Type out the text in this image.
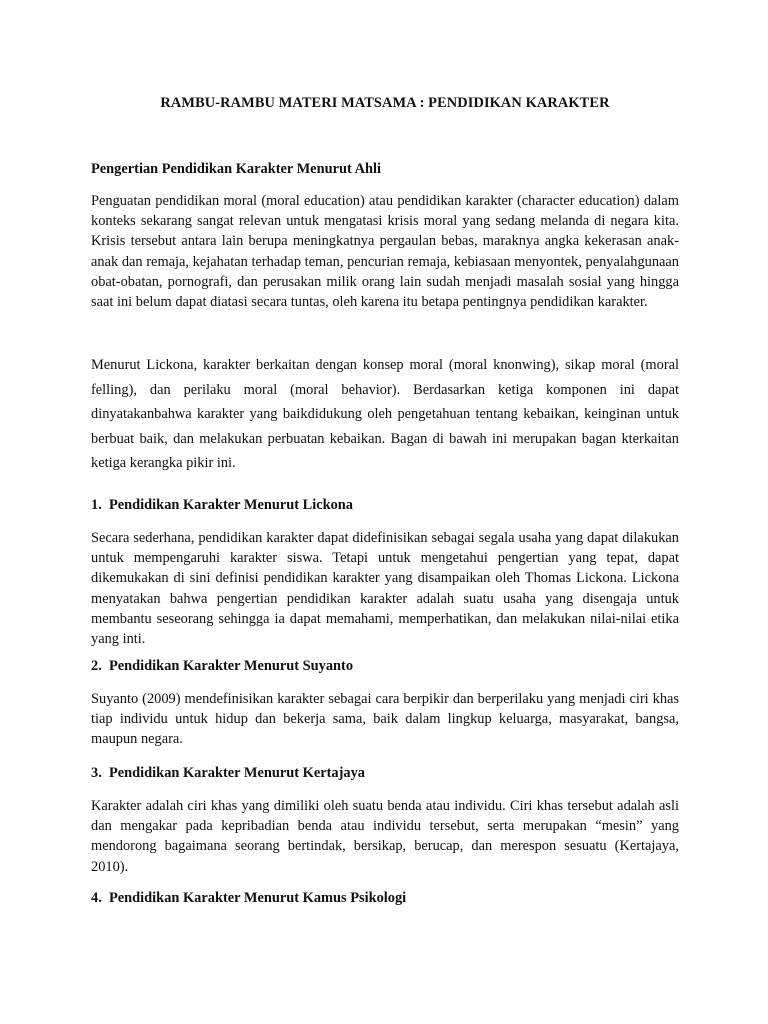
RAMBU-RAMBU MATERI MATSAMA : PENDIDIKAN KARAKTER
Pengertian Pendidikan Karakter Menurut Ahli
Penguatan pendidikan moral (moral education) atau pendidikan karakter (character education) dalam konteks sekarang sangat relevan untuk mengatasi krisis moral yang sedang melanda di negara kita. Krisis tersebut antara lain berupa meningkatnya pergaulan bebas, maraknya angka kekerasan anak-anak dan remaja, kejahatan terhadap teman, pencurian remaja, kebiasaan menyontek, penyalahgunaan obat-obatan, pornografi, dan perusakan milik orang lain sudah menjadi masalah sosial yang hingga saat ini belum dapat diatasi secara tuntas, oleh karena itu betapa pentingnya pendidikan karakter.
Menurut Lickona, karakter berkaitan dengan konsep moral (moral knonwing), sikap moral (moral felling), dan perilaku moral (moral behavior). Berdasarkan ketiga komponen ini dapat dinyatakanbahwa karakter yang baikdidukung oleh pengetahuan tentang kebaikan, keinginan untuk berbuat baik, dan melakukan perbuatan kebaikan. Bagan di bawah ini merupakan bagan kterkaitan ketiga kerangka pikir ini.
1. Pendidikan Karakter Menurut Lickona
Secara sederhana, pendidikan karakter dapat didefinisikan sebagai segala usaha yang dapat dilakukan untuk mempengaruhi karakter siswa. Tetapi untuk mengetahui pengertian yang tepat, dapat dikemukakan di sini definisi pendidikan karakter yang disampaikan oleh Thomas Lickona. Lickona menyatakan bahwa pengertian pendidikan karakter adalah suatu usaha yang disengaja untuk membantu seseorang sehingga ia dapat memahami, memperhatikan, dan melakukan nilai-nilai etika yang inti.
2. Pendidikan Karakter Menurut Suyanto
Suyanto (2009) mendefinisikan karakter sebagai cara berpikir dan berperilaku yang menjadi ciri khas tiap individu untuk hidup dan bekerja sama, baik dalam lingkup keluarga, masyarakat, bangsa, maupun negara.
3. Pendidikan Karakter Menurut Kertajaya
Karakter adalah ciri khas yang dimiliki oleh suatu benda atau individu. Ciri khas tersebut adalah asli dan mengakar pada kepribadian benda atau individu tersebut, serta merupakan “mesin” yang mendorong bagaimana seorang bertindak, bersikap, berucap, dan merespon sesuatu (Kertajaya, 2010).
4. Pendidikan Karakter Menurut Kamus Psikologi
